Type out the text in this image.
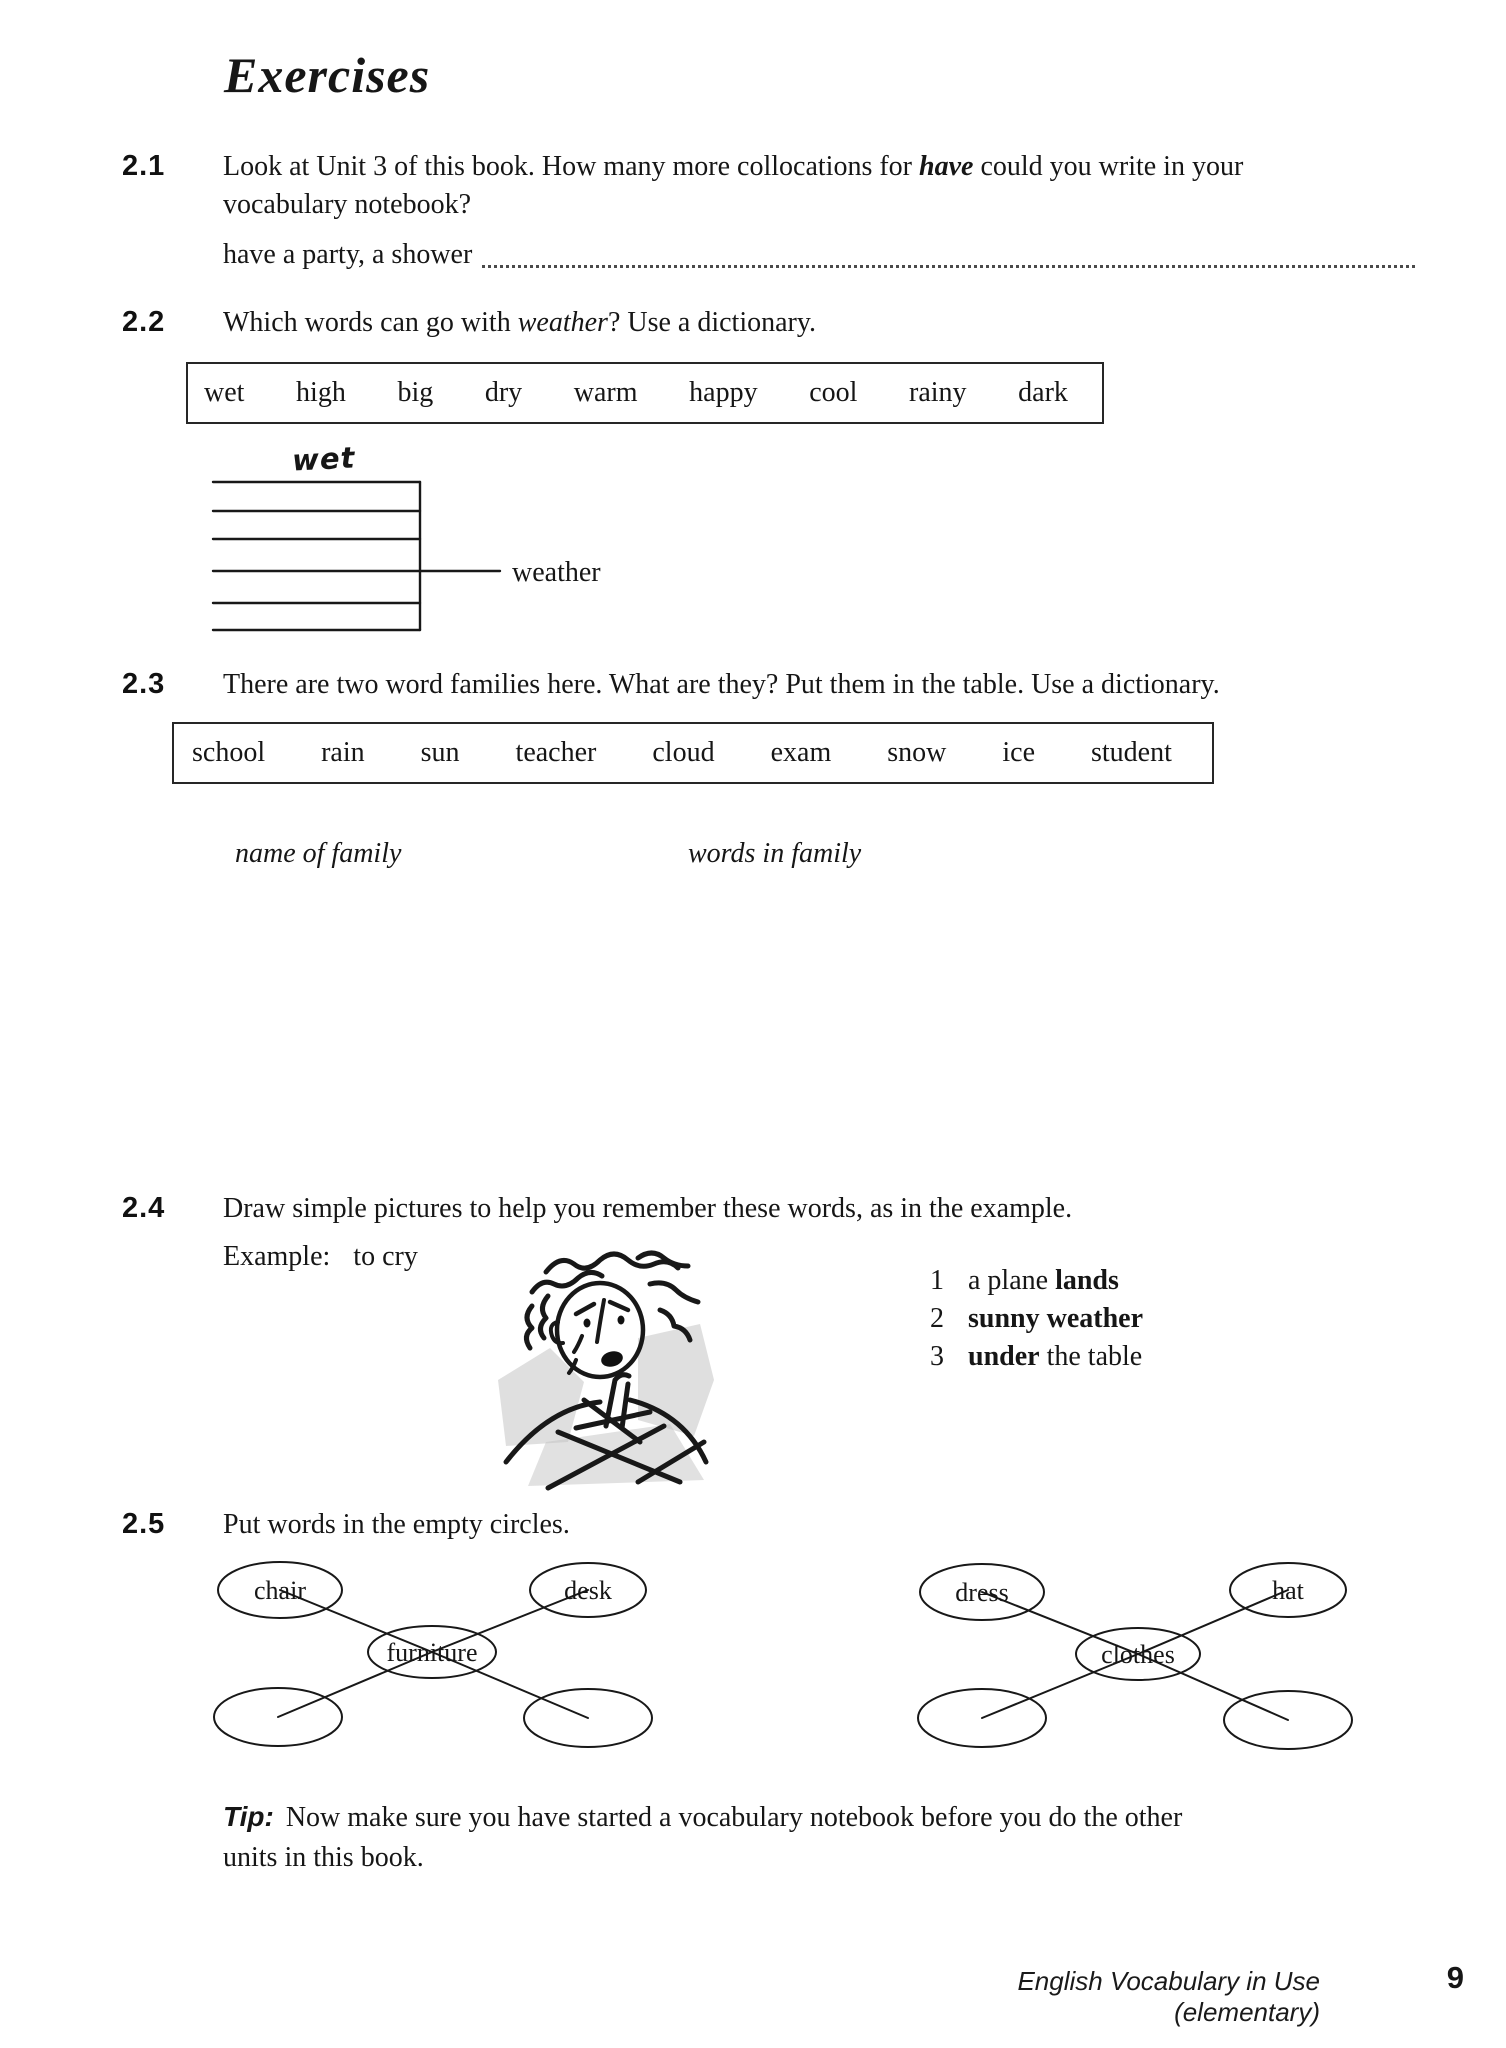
Exercises
2.1	Look at Unit 3 of this book. How many more collocations for have could you write in your
vocabulary notebook?
have a party, a shower
2.2	Which words can go with weather? Use a dictionary.
wet high big dry warm happy cool rainy dark
wet
weather
2.3	There are two word families here. What are they? Put them in the table. Use a dictionary.
school rain sun teacher cloud exam snow ice student
name of family	words in family
2.4	Draw simple pictures to help you remember these words, as in the example.
Example: to cry
1 a plane lands
2 sunny weather
3 under the table
2.5	Put words in the empty circles.
chair	desk
furniture
dress	hat
clothes
Tip: Now make sure you have started a vocabulary notebook before you do the other
units in this book.
English Vocabulary in Use (elementary)
9
